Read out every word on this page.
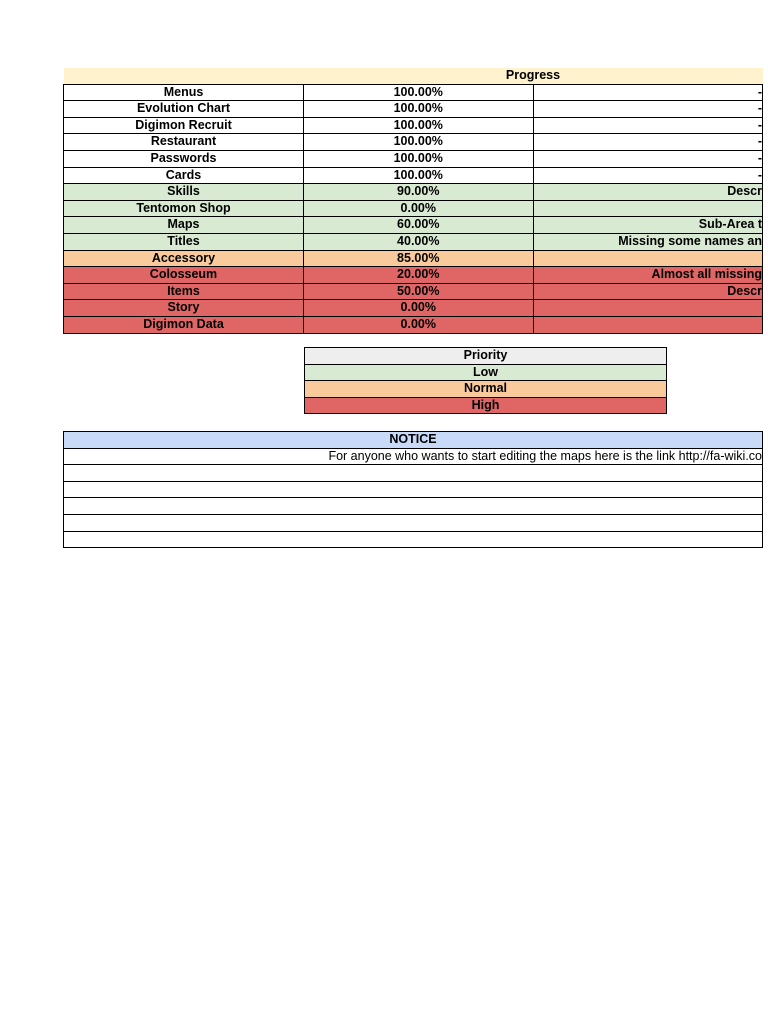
	Progress	
Menus	100.00%	-
Evolution Chart	100.00%	-
Digimon Recruit	100.00%	-
Restaurant	100.00%	-
Passwords	100.00%	-
Cards	100.00%	-
Skills	90.00%	Descr
Tentomon Shop	0.00%	
Maps	60.00%	Sub-Area t
Titles	40.00%	Missing some names an
Accessory	85.00%	
Colosseum	20.00%	Almost all missing
Items	50.00%	Descr
Story	0.00%	
Digimon Data	0.00%	
Priority
Low
Normal
High
NOTICE
For anyone who wants to start editing the maps here is the link http://fa-wiki.co
